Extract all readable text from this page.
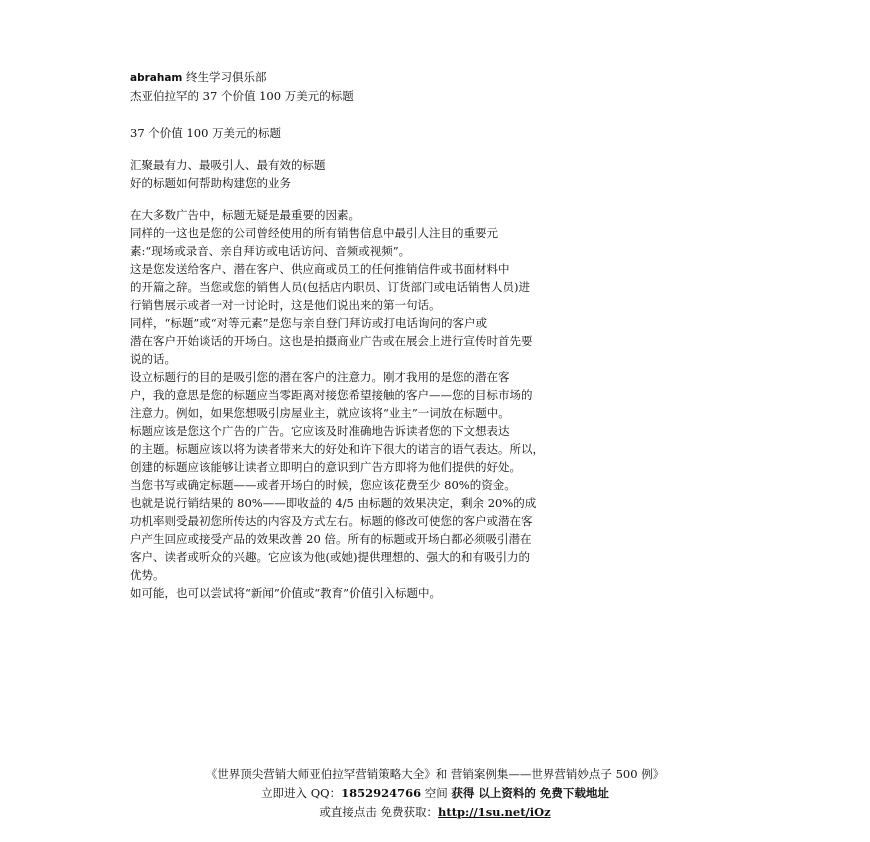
abraham 终生学习俱乐部
杰亚伯拉罕的 37 个价值 100 万美元的标题
37 个价值 100 万美元的标题
汇聚最有力、最吸引人、最有效的标题
好的标题如何帮助构建您的业务
在大多数广告中，标题无疑是最重要的因素。
同样的一这也是您的公司曾经使用的所有销售信息中最引人注目的重要元
素:“现场或录音、亲自拜访或电话访问、音频或视频”。
这是您发送给客户、潜在客户、供应商或员工的任何推销信件或书面材料中
的开篇之辞。当您或您的销售人员(包括店内职员、订货部门或电话销售人员)进
行销售展示或者一对一讨论时，这是他们说出来的第一句话。
同样，“标题”或“对等元素”是您与亲自登门拜访或打电话询问的客户或
潜在客户开始谈话的开场白。这也是拍摄商业广告或在展会上进行宣传时首先要
说的话。
设立标题行的目的是吸引您的潜在客户的注意力。刚才我用的是您的潜在客
户，我的意思是您的标题应当零距离对接您希望接触的客户——您的目标市场的
注意力。例如，如果您想吸引房屋业主，就应该将“业主”一词放在标题中。
标题应该是您这个广告的广告。它应该及时准确地告诉读者您的下文想表达
的主题。标题应该以将为读者带来大的好处和许下很大的诺言的语气表达。所以，
创建的标题应该能够让读者立即明白的意识到广告方即将为他们提供的好处。
当您书写或确定标题——或者开场白的时候，您应该花费至少 80%的资金。
也就是说行销结果的 80%——即收益的 4/5 由标题的效果决定，剩余 20%的成
功机率则受最初您所传达的内容及方式左右。标题的修改可使您的客户或潜在客
户产生回应或接受产品的效果改善 20 倍。所有的标题或开场白都必须吸引潜在
客户、读者或听众的兴趣。它应该为他(或她)提供理想的、强大的和有吸引力的
优势。
如可能，也可以尝试将“新闻”价值或“教育”价值引入标题中。
《世界顶尖营销大师亚伯拉罕营销策略大全》和 营销案例集——世界营销妙点子 500 例》
立即进入 QQ：1852924766 空间 获得 以上资料的 免费下载地址
或直接点击 免费获取：http://1su.net/iOz
